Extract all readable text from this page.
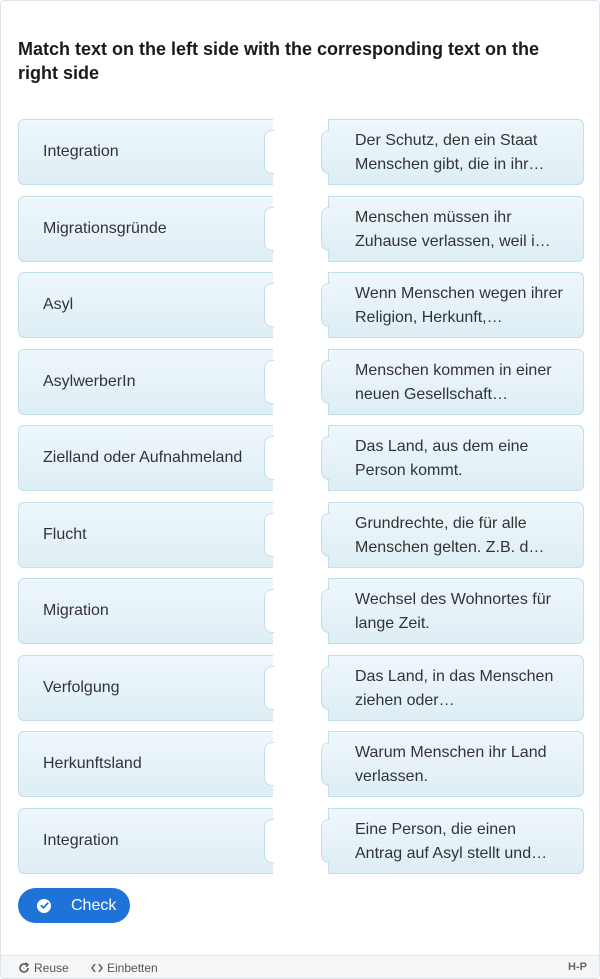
Match text on the left side with the corresponding text on the right side
Integration
Migrationsgründe
Asyl
AsylwerberIn
Zielland oder Aufnahmeland
Flucht
Migration
Verfolgung
Herkunftsland
Integration
Der Schutz, den ein Staat Menschen gibt, die in ihr…
Menschen müssen ihr Zuhause verlassen, weil i…
Wenn Menschen wegen ihrer Religion, Herkunft,…
Menschen kommen in einer neuen Gesellschaft…
Das Land, aus dem eine Person kommt.
Grundrechte, die für alle Menschen gelten. Z.B. d…
Wechsel des Wohnortes für lange Zeit.
Das Land, in das Menschen ziehen oder…
Warum Menschen ihr Land verlassen.
Eine Person, die einen Antrag auf Asyl stellt und…
Check
Reuse	Einbetten	H-P
